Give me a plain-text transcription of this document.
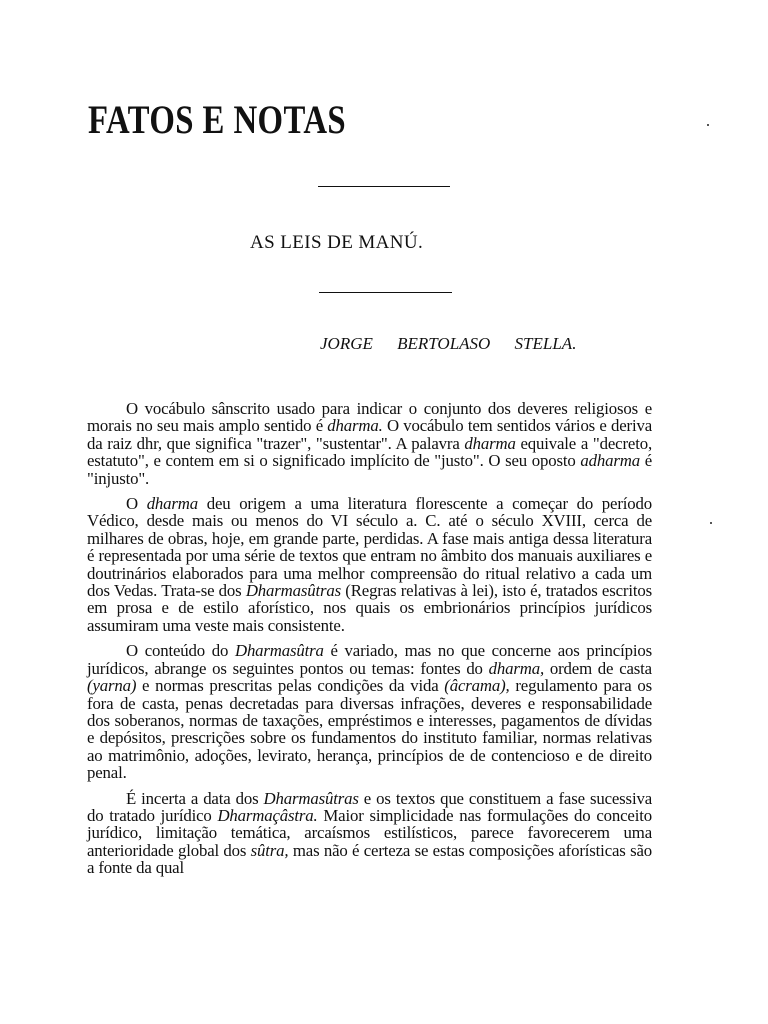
FATOS E NOTAS
AS LEIS DE MANÚ.

JORGE BERTOLASO STELLA.

O vocábulo sânscrito usado para indicar o conjunto dos deveres religiosos e morais no seu mais amplo sentido é dharma. O vocábulo tem sentidos vários e deriva da raiz dhr, que significa "trazer", "sustentar". A palavra dharma equivale a "decreto, estatuto", e contem em si o significado implícito de "justo". O seu oposto adharma é "injusto".

O dharma deu origem a uma literatura florescente a começar do período Védico, desde mais ou menos do VI século a. C. até o século XVIII, cerca de milhares de obras, hoje, em grande parte, perdidas. A fase mais antiga dessa literatura é representada por uma série de textos que entram no âmbito dos manuais auxiliares e doutrinários elaborados para uma melhor compreensão do ritual relativo a cada um dos Vedas. Trata-se dos Dharmasûtras (Regras relativas à lei), isto é, tratados escritos em prosa e de estilo aforístico, nos quais os embrionários princípios jurídicos assumiram uma veste mais consistente.

O conteúdo do Dharmasûtra é variado, mas no que concerne aos princípios jurídicos, abrange os seguintes pontos ou temas: fontes do dharma, ordem de casta (yarna) e normas prescritas pelas condições da vida (âcrama), regulamento para os fora de casta, penas decretadas para diversas infrações, deveres e responsabilidade dos soberanos, normas de taxações, empréstimos e interesses, pagamentos de dívidas e depósitos, prescrições sobre os fundamentos do instituto familiar, normas relativas ao matrimônio, adoções, levirato, herança, princípios de de contencioso e de direito penal.

É incerta a data dos Dharmasûtras e os textos que constituem a fase sucessiva do tratado jurídico Dharmaçâstra. Maior simplicidade nas formulações do conceito jurídico, limitação temática, arcaísmos estilísticos, parece favorecerem uma anterioridade global dos sûtra, mas não é certeza se estas composições aforísticas são a fonte da qual
